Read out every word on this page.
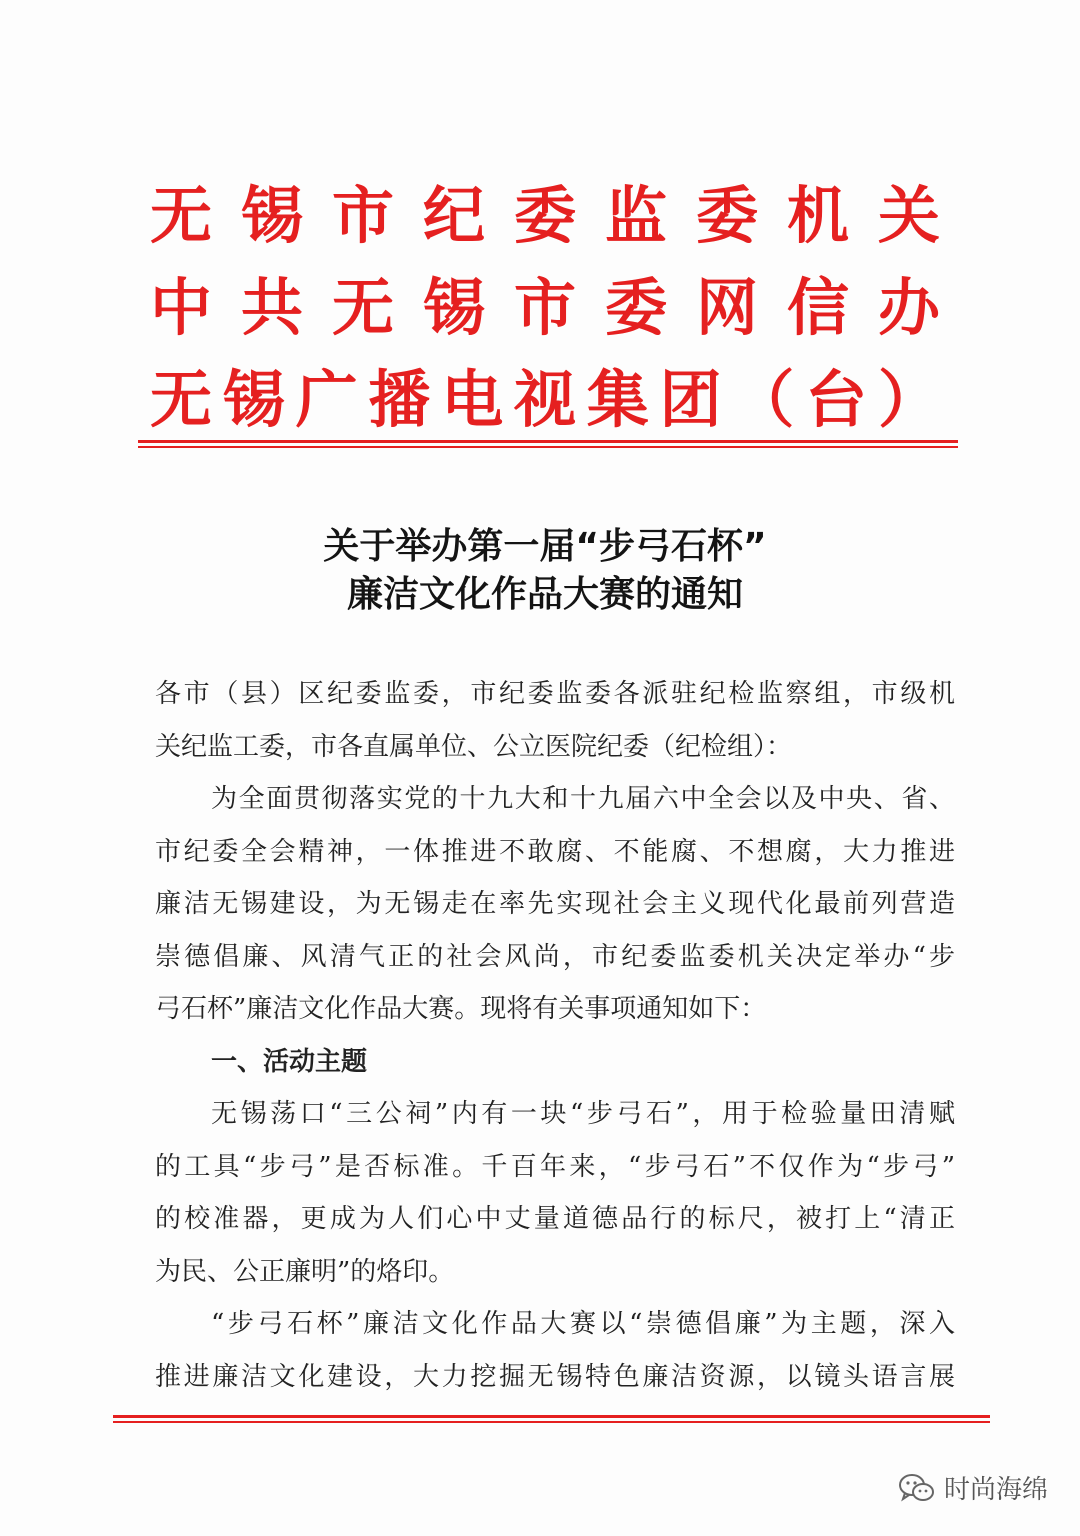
无锡市纪委监委机关
中共无锡市委网信办
无锡广播电视集团（台）
关于举办第一届“步弓石杯”
廉洁文化作品大赛的通知
各市（县）区纪委监委，市纪委监委各派驻纪检监察组，市级机
关纪监工委，市各直属单位、公立医院纪委（纪检组）：
为全面贯彻落实党的十九大和十九届六中全会以及中央、省、
市纪委全会精神，一体推进不敢腐、不能腐、不想腐，大力推进
廉洁无锡建设，为无锡走在率先实现社会主义现代化最前列营造
崇德倡廉、风清气正的社会风尚，市纪委监委机关决定举办“步
弓石杯”廉洁文化作品大赛。现将有关事项通知如下：
一、活动主题
无锡荡口“三公祠”内有一块“步弓石”，用于检验量田清赋
的工具“步弓”是否标准。千百年来，“步弓石”不仅作为“步弓”
的校准器，更成为人们心中丈量道德品行的标尺，被打上“清正
为民、公正廉明”的烙印。
“步弓石杯”廉洁文化作品大赛以“崇德倡廉”为主题，深入
推进廉洁文化建设，大力挖掘无锡特色廉洁资源，以镜头语言展
时尚海绵
